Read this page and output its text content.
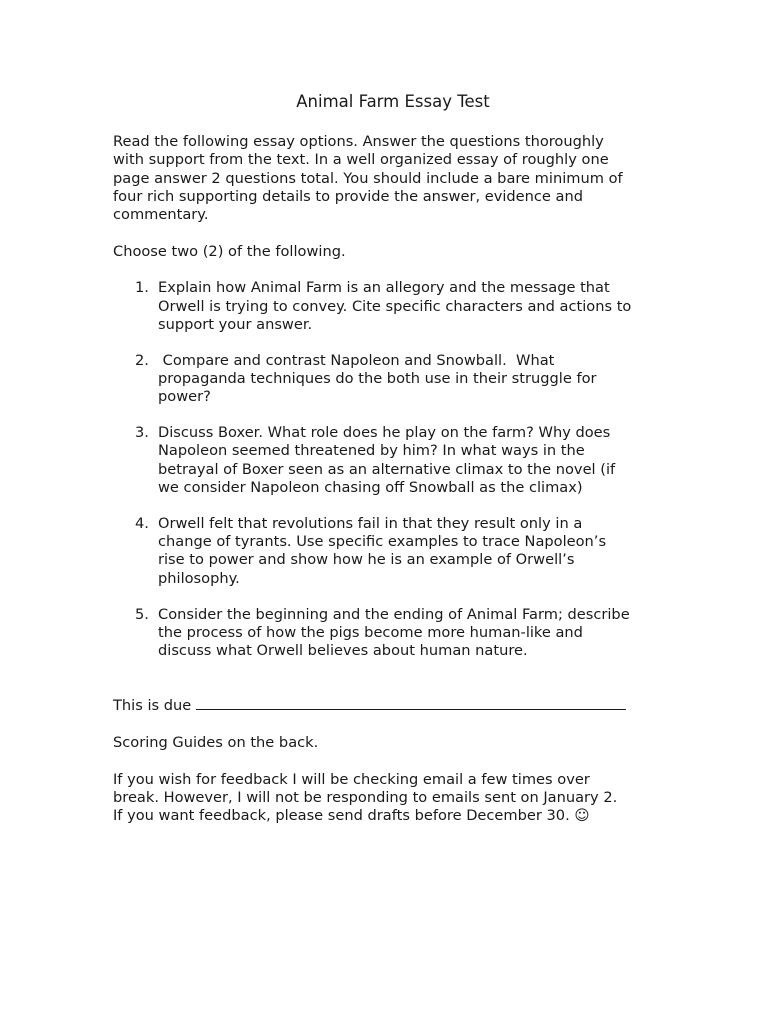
Animal Farm Essay Test
Read the following essay options. Answer the questions thoroughly
with support from the text. In a well organized essay of roughly one
page answer 2 questions total. You should include a bare minimum of
four rich supporting details to provide the answer, evidence and
commentary.
Choose two (2) of the following.
1. Explain how Animal Farm is an allegory and the message that
Orwell is trying to convey. Cite specific characters and actions to
support your answer.
2. Compare and contrast Napoleon and Snowball.  What
propaganda techniques do the both use in their struggle for
power?
3. Discuss Boxer. What role does he play on the farm? Why does
Napoleon seemed threatened by him? In what ways in the
betrayal of Boxer seen as an alternative climax to the novel (if
we consider Napoleon chasing off Snowball as the climax)
4. Orwell felt that revolutions fail in that they result only in a
change of tyrants. Use specific examples to trace Napoleon’s
rise to power and show how he is an example of Orwell’s
philosophy.
5. Consider the beginning and the ending of Animal Farm; describe
the process of how the pigs become more human-like and
discuss what Orwell believes about human nature.
This is due
Scoring Guides on the back.
If you wish for feedback I will be checking email a few times over
break. However, I will not be responding to emails sent on January 2.
If you want feedback, please send drafts before December 30. ☺
